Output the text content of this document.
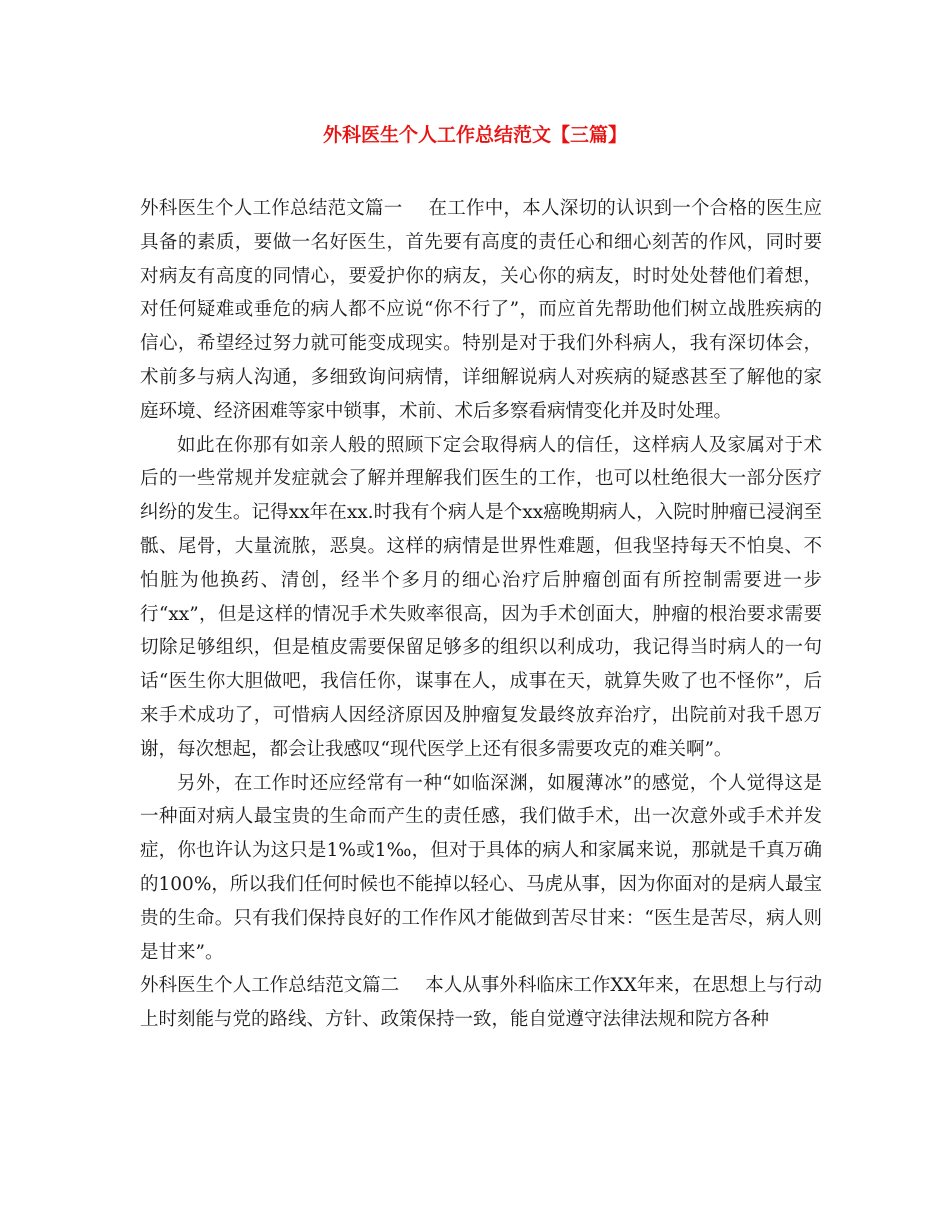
外科医生个人工作总结范文【三篇】

外科医生个人工作总结范文篇一 在工作中，本人深切的认识到一个合格的医生应具备的素质，要做一名好医生，首先要有高度的责任心和细心刻苦的作风，同时要对病友有高度的同情心，要爱护你的病友，关心你的病友，时时处处替他们着想，对任何疑难或垂危的病人都不应说“你不行了”，而应首先帮助他们树立战胜疾病的信心，希望经过努力就可能变成现实。特别是对于我们外科病人，我有深切体会，术前多与病人沟通，多细致询问病情，详细解说病人对疾病的疑惑甚至了解他的家庭环境、经济困难等家中锁事，术前、术后多察看病情变化并及时处理。

如此在你那有如亲人般的照顾下定会取得病人的信任，这样病人及家属对于术后的一些常规并发症就会了解并理解我们医生的工作，也可以杜绝很大一部分医疗纠纷的发生。记得xx年在xx.时我有个病人是个xx癌晚期病人，入院时肿瘤已浸润至骶、尾骨，大量流脓，恶臭。这样的病情是世界性难题，但我坚持每天不怕臭、不怕脏为他换药、清创，经半个多月的细心治疗后肿瘤创面有所控制需要进一步行“xx”，但是这样的情况手术失败率很高，因为手术创面大，肿瘤的根治要求需要切除足够组织，但是植皮需要保留足够多的组织以利成功，我记得当时病人的一句话“医生你大胆做吧，我信任你，谋事在人，成事在天，就算失败了也不怪你”，后来手术成功了，可惜病人因经济原因及肿瘤复发最终放弃治疗，出院前对我千恩万谢，每次想起，都会让我感叹“现代医学上还有很多需要攻克的难关啊”。

另外，在工作时还应经常有一种“如临深渊，如履薄冰”的感觉，个人觉得这是一种面对病人最宝贵的生命而产生的责任感，我们做手术，出一次意外或手术并发症，你也许认为这只是1%或1‰，但对于具体的病人和家属来说，那就是千真万确的100%，所以我们任何时候也不能掉以轻心、马虎从事，因为你面对的是病人最宝贵的生命。只有我们保持良好的工作作风才能做到苦尽甘来：“医生是苦尽，病人则是甘来”。

外科医生个人工作总结范文篇二 本人从事外科临床工作XX年来，在思想上与行动上时刻能与党的路线、方针、政策保持一致，能自觉遵守法律法规和院方各种
